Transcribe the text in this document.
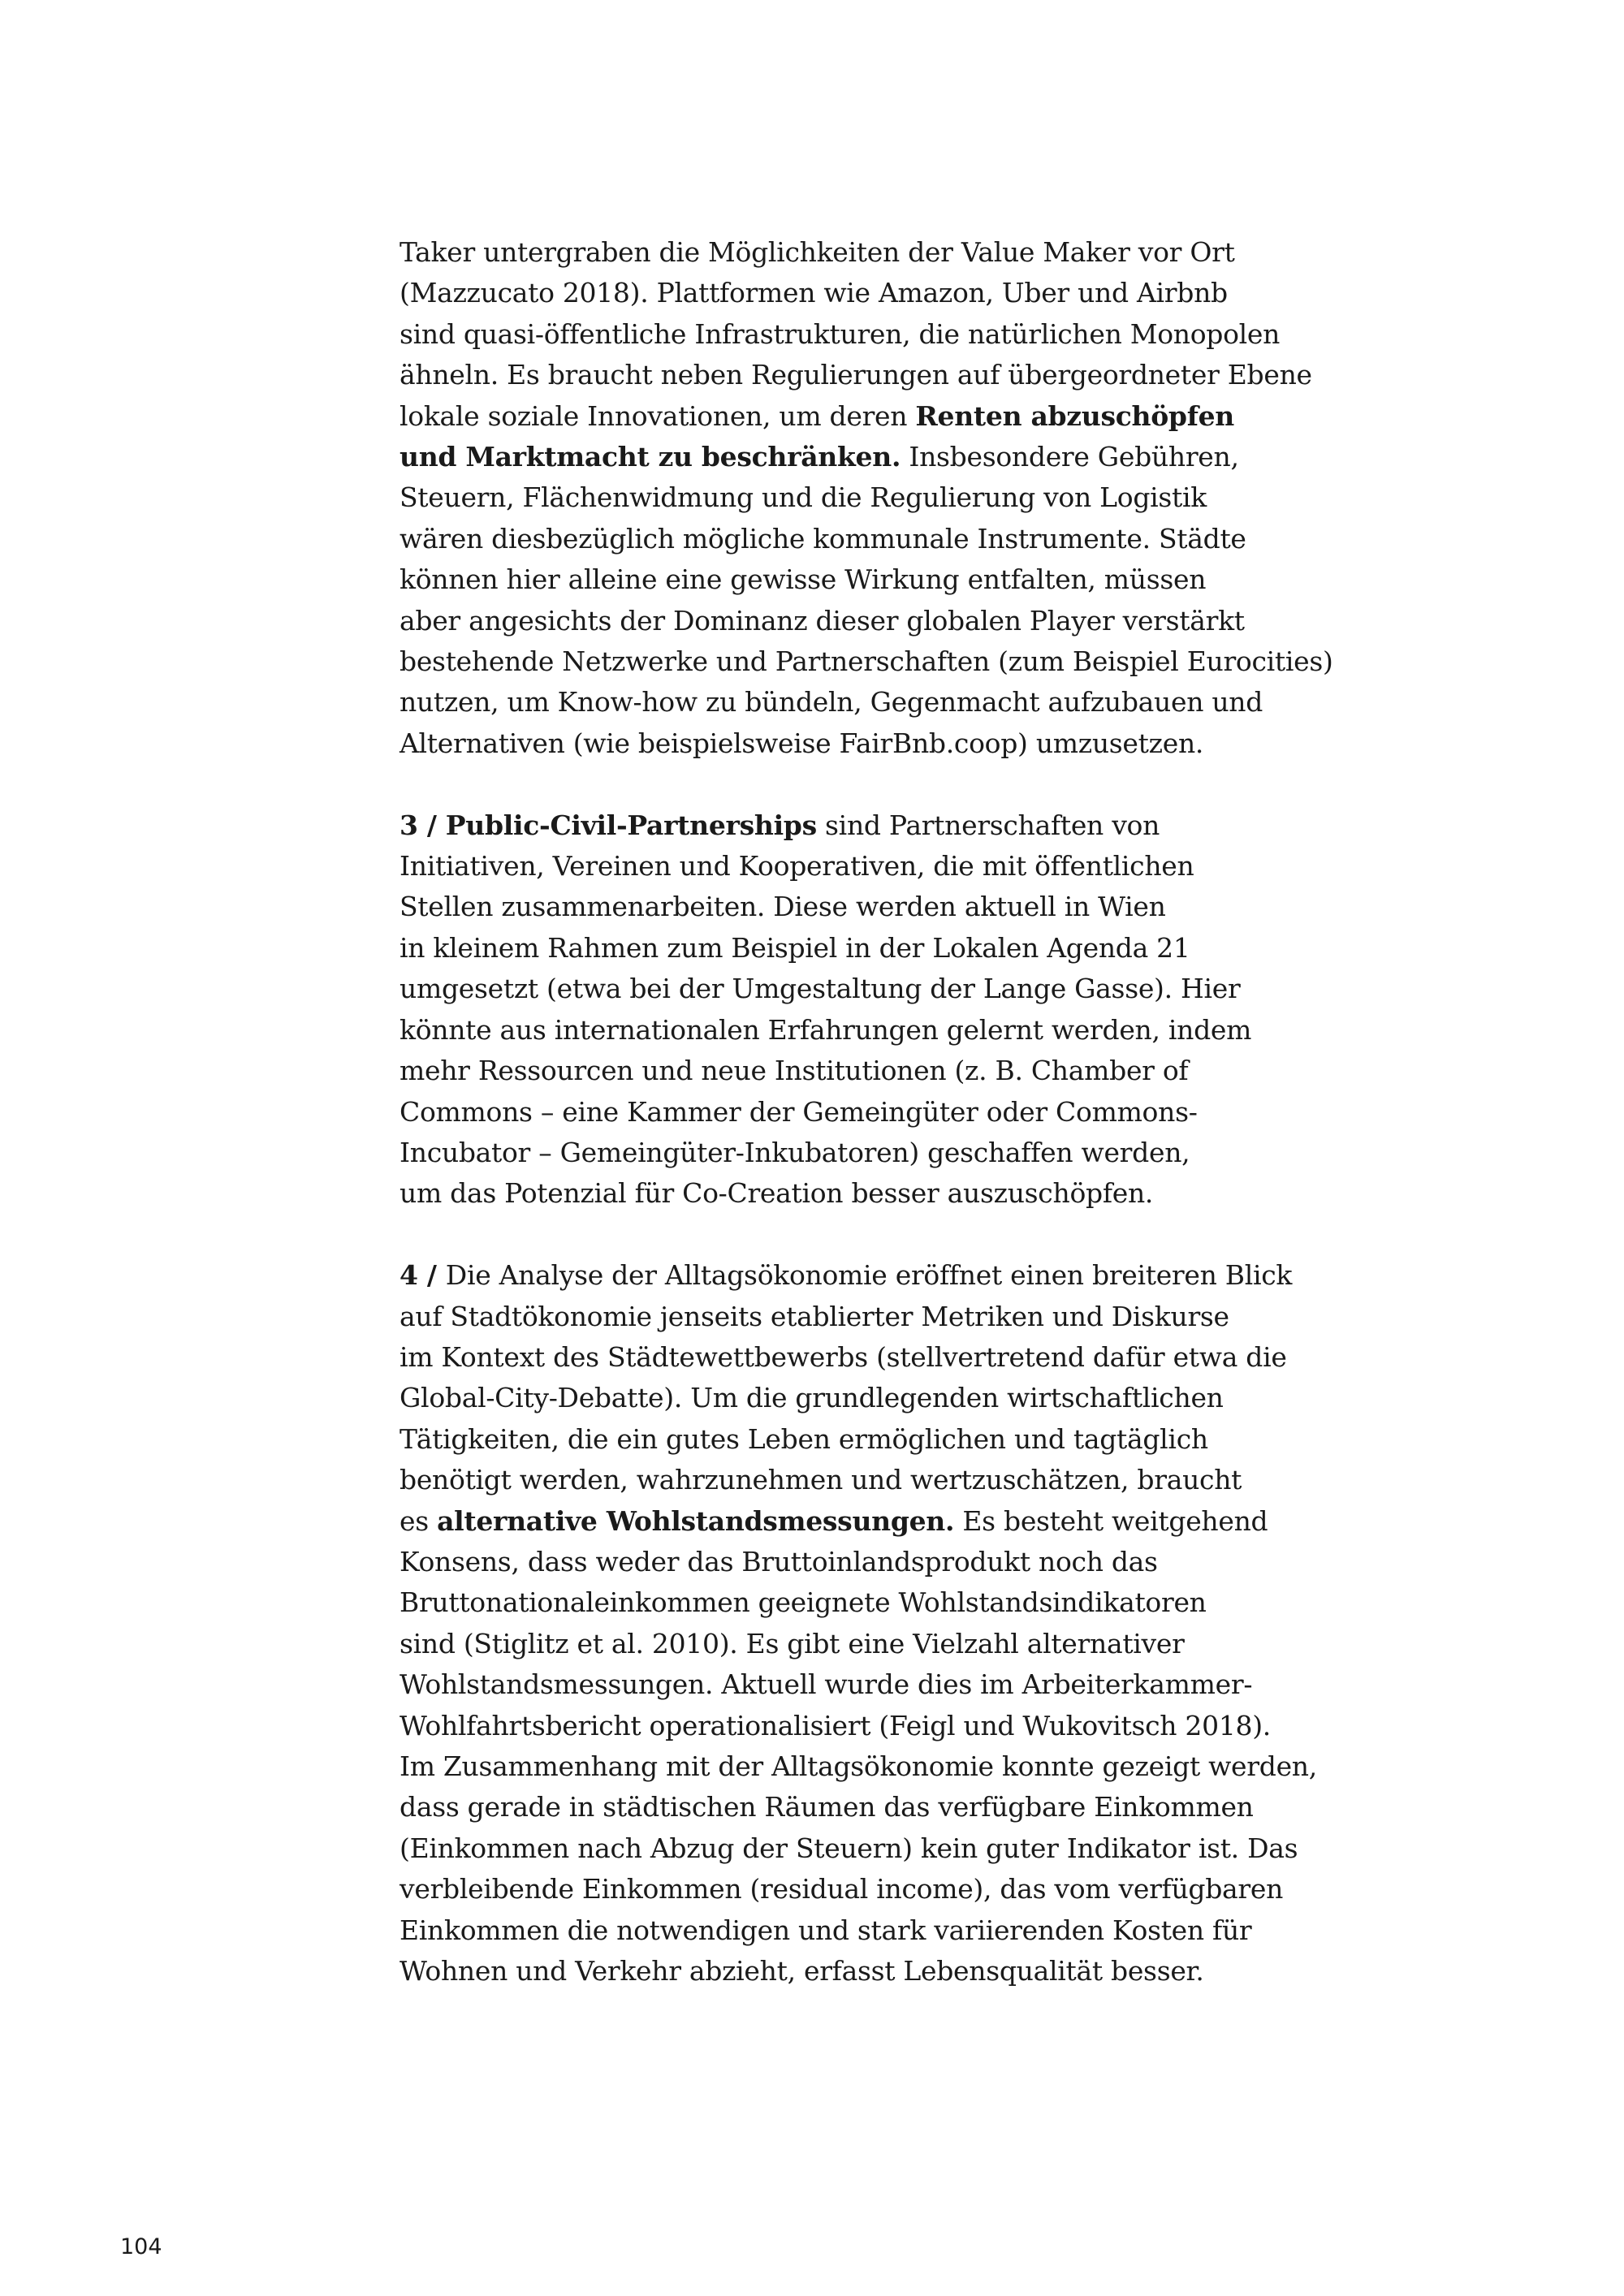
Taker untergraben die Möglichkeiten der Value Maker vor Ort
(Mazzucato 2018). Plattformen wie Amazon, Uber und Airbnb
sind quasi-öffentliche Infrastrukturen, die natürlichen Monopolen
ähneln. Es braucht neben Regulierungen auf übergeordneter Ebene
lokale soziale Innovationen, um deren Renten abzuschöpfen
und Marktmacht zu beschränken. Insbesondere Gebühren,
Steuern, Flächenwidmung und die Regulierung von Logistik
wären diesbezüglich mögliche kommunale Instrumente. Städte
können hier alleine eine gewisse Wirkung entfalten, müssen
aber angesichts der Dominanz dieser globalen Player verstärkt
bestehende Netzwerke und Partnerschaften (zum Beispiel Eurocities)
nutzen, um Know-how zu bündeln, Gegenmacht aufzubauen und
Alternativen (wie beispielsweise FairBnb.coop) umzusetzen.

3 / Public-Civil-Partnerships sind Partnerschaften von
Initiativen, Vereinen und Kooperativen, die mit öffentlichen
Stellen zusammenarbeiten. Diese werden aktuell in Wien
in kleinem Rahmen zum Beispiel in der Lokalen Agenda 21
umgesetzt (etwa bei der Umgestaltung der Lange Gasse). Hier
könnte aus internationalen Erfahrungen gelernt werden, indem
mehr Ressourcen und neue Institutionen (z. B. Chamber of
Commons – eine Kammer der Gemeingüter oder Commons-
Incubator – Gemeingüter-Inkubatoren) geschaffen werden,
um das Potenzial für Co-Creation besser auszuschöpfen.

4 / Die Analyse der Alltagsökonomie eröffnet einen breiteren Blick
auf Stadtökonomie jenseits etablierter Metriken und Diskurse
im Kontext des Städtewettbewerbs (stellvertretend dafür etwa die
Global-City-Debatte). Um die grundlegenden wirtschaftlichen
Tätigkeiten, die ein gutes Leben ermöglichen und tagtäglich
benötigt werden, wahrzunehmen und wertzuschätzen, braucht
es alternative Wohlstandsmessungen. Es besteht weitgehend
Konsens, dass weder das Bruttoinlandsprodukt noch das
Bruttonationaleinkommen geeignete Wohlstandsindikatoren
sind (Stiglitz et al. 2010). Es gibt eine Vielzahl alternativer
Wohlstandsmessungen. Aktuell wurde dies im Arbeiterkammer-
Wohlfahrtsbericht operationalisiert (Feigl und Wukovitsch 2018).
Im Zusammenhang mit der Alltagsökonomie konnte gezeigt werden,
dass gerade in städtischen Räumen das verfügbare Einkommen
(Einkommen nach Abzug der Steuern) kein guter Indikator ist. Das
verbleibende Einkommen (residual income), das vom verfügbaren
Einkommen die notwendigen und stark variierenden Kosten für
Wohnen und Verkehr abzieht, erfasst Lebensqualität besser.

104
